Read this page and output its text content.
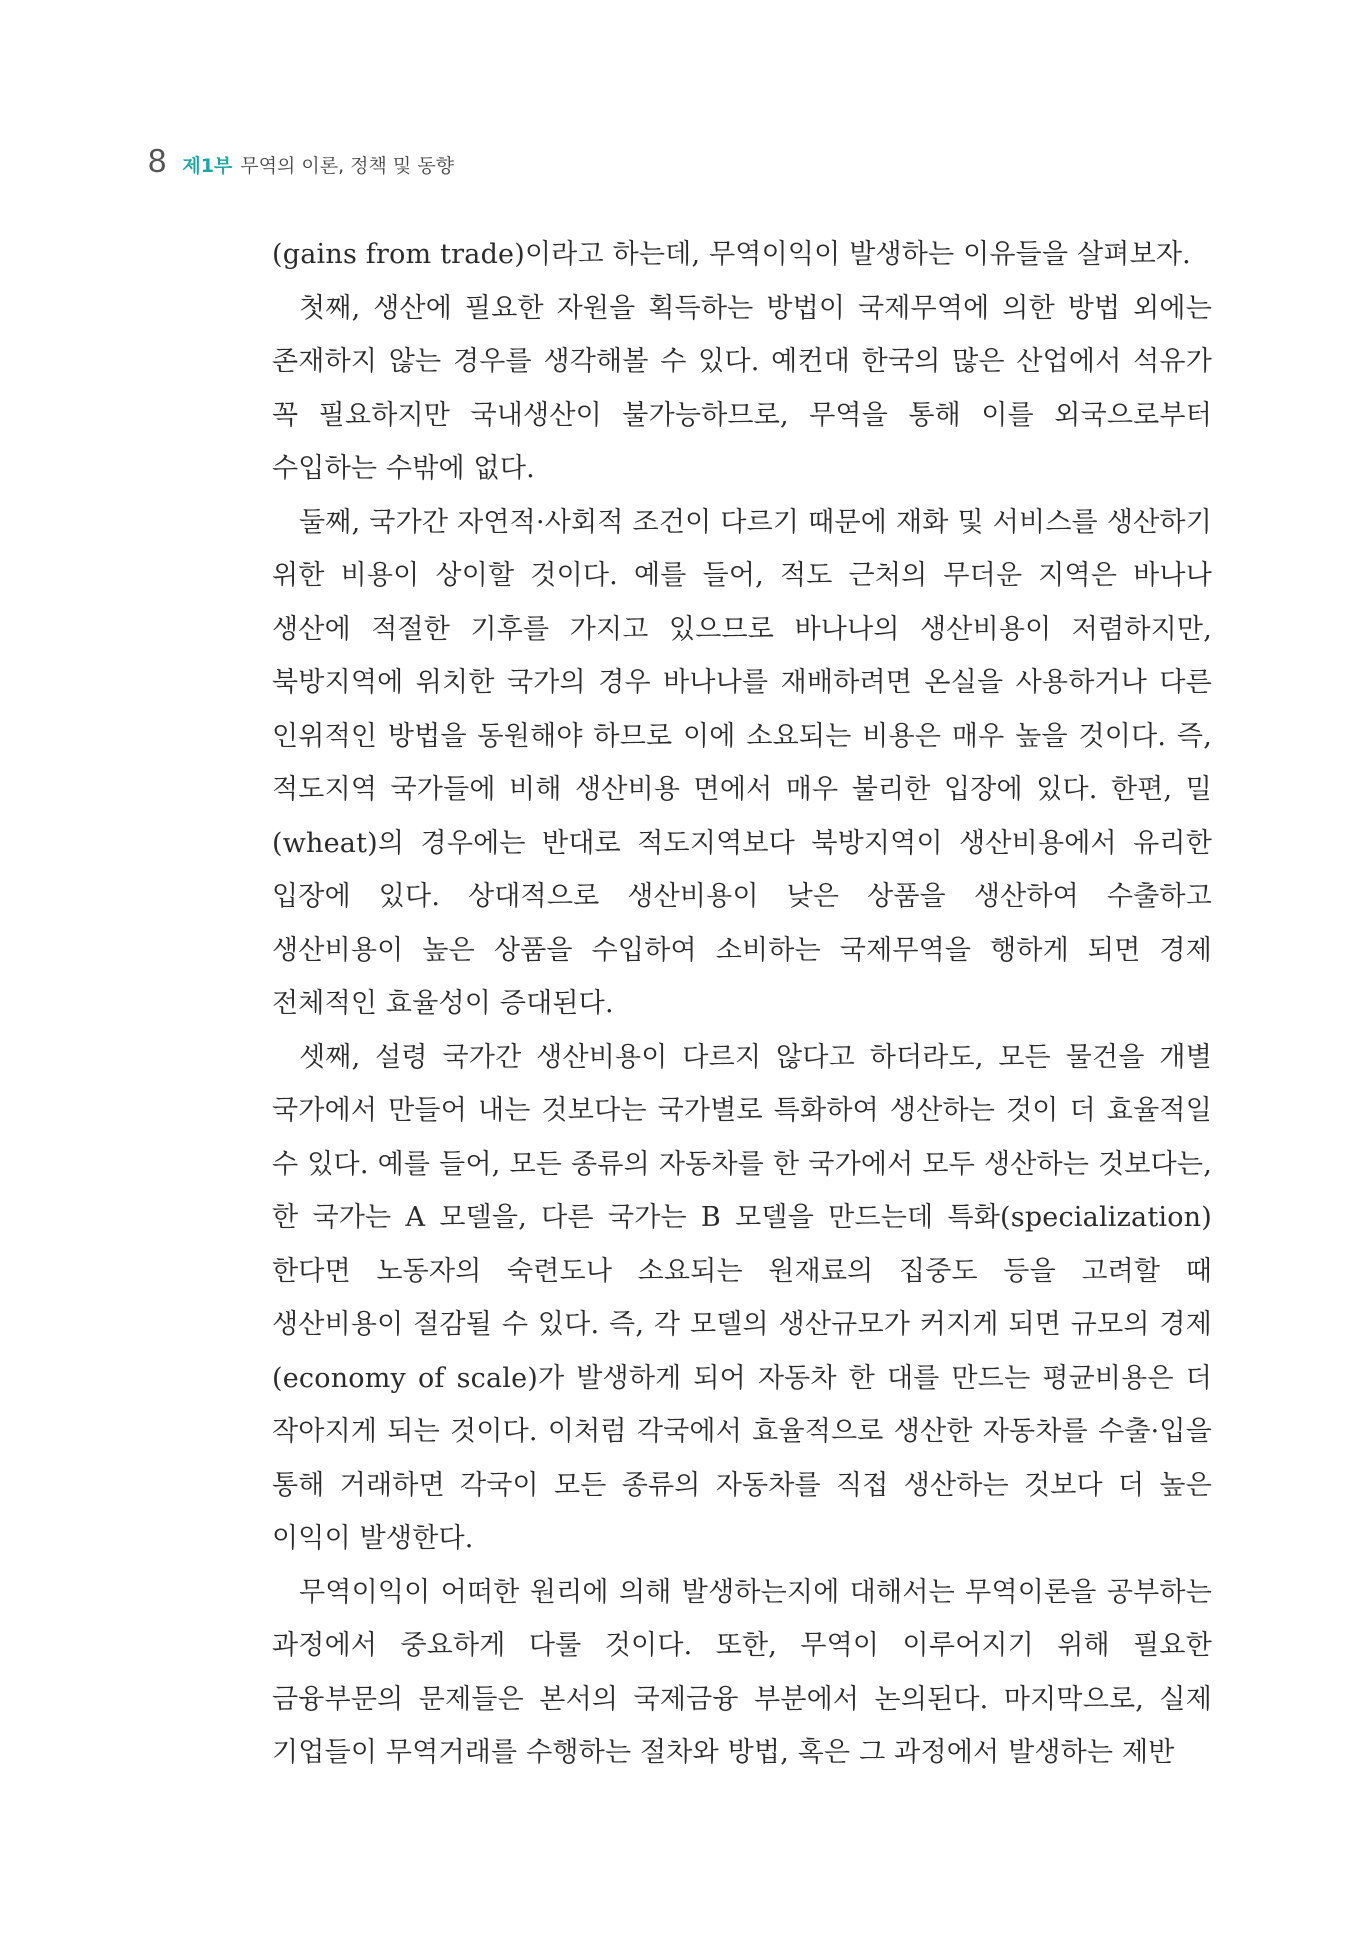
8 제1부 무역의 이론, 정책 및 동향

(gains from trade)이라고 하는데, 무역이익이 발생하는 이유들을 살펴보자.

첫째, 생산에 필요한 자원을 획득하는 방법이 국제무역에 의한 방법 외에는 존재하지 않는 경우를 생각해볼 수 있다. 예컨대 한국의 많은 산업에서 석유가 꼭 필요하지만 국내생산이 불가능하므로, 무역을 통해 이를 외국으로부터 수입하는 수밖에 없다.

둘째, 국가간 자연적·사회적 조건이 다르기 때문에 재화 및 서비스를 생산하기 위한 비용이 상이할 것이다. 예를 들어, 적도 근처의 무더운 지역은 바나나 생산에 적절한 기후를 가지고 있으므로 바나나의 생산비용이 저렴하지만, 북방지역에 위치한 국가의 경우 바나나를 재배하려면 온실을 사용하거나 다른 인위적인 방법을 동원해야 하므로 이에 소요되는 비용은 매우 높을 것이다. 즉, 적도지역 국가들에 비해 생산비용 면에서 매우 불리한 입장에 있다. 한편, 밀(wheat)의 경우에는 반대로 적도지역보다 북방지역이 생산비용에서 유리한 입장에 있다. 상대적으로 생산비용이 낮은 상품을 생산하여 수출하고 생산비용이 높은 상품을 수입하여 소비하는 국제무역을 행하게 되면 경제 전체적인 효율성이 증대된다.

셋째, 설령 국가간 생산비용이 다르지 않다고 하더라도, 모든 물건을 개별 국가에서 만들어 내는 것보다는 국가별로 특화하여 생산하는 것이 더 효율적일 수 있다. 예를 들어, 모든 종류의 자동차를 한 국가에서 모두 생산하는 것보다는, 한 국가는 A 모델을, 다른 국가는 B 모델을 만드는데 특화(specialization)한다면 노동자의 숙련도나 소요되는 원재료의 집중도 등을 고려할 때 생산비용이 절감될 수 있다. 즉, 각 모델의 생산규모가 커지게 되면 규모의 경제(economy of scale)가 발생하게 되어 자동차 한 대를 만드는 평균비용은 더 작아지게 되는 것이다. 이처럼 각국에서 효율적으로 생산한 자동차를 수출·입을 통해 거래하면 각국이 모든 종류의 자동차를 직접 생산하는 것보다 더 높은 이익이 발생한다.

무역이익이 어떠한 원리에 의해 발생하는지에 대해서는 무역이론을 공부하는 과정에서 중요하게 다룰 것이다. 또한, 무역이 이루어지기 위해 필요한 금융부문의 문제들은 본서의 국제금융 부분에서 논의된다. 마지막으로, 실제 기업들이 무역거래를 수행하는 절차와 방법, 혹은 그 과정에서 발생하는 제반
